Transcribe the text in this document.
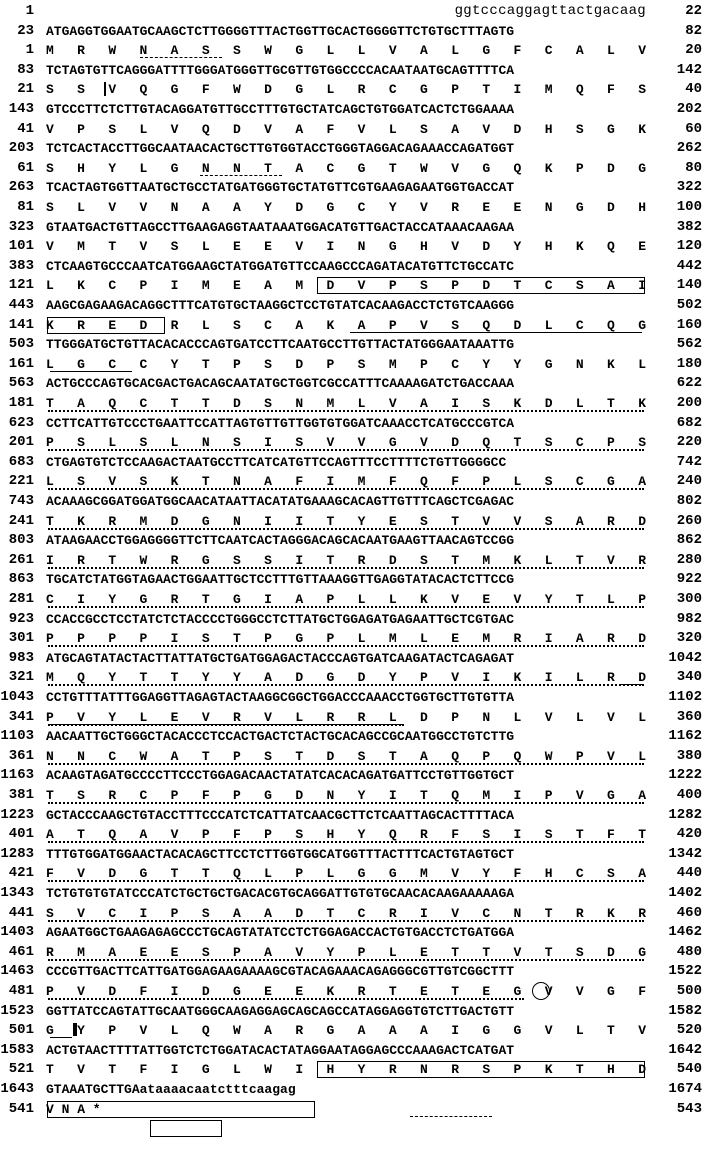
1	ggtcccaggagttactgacaag	22
23 ATGAGGTGGAATGCAAGCTCTTGGGGTTTACTGGTTGCACTGGGGTTCTGTGCTTTAGTG	82
1 M R W N A S S W G L L V A L G F C A L V	20
83 TCTAGTGTTCAGGGATTTTGGGATGGGTTGCGTTGTGGCCCCACAATAATGCAGTTTTCA	142
21 S S V Q G F W D G L R C G P T I M Q F S	40
143 GTCCCTTCTCTTGTACAGGATGTTGCCTTTGTGCTATCAGCTGTGGATCACTCTGGAAAA	202
41 V P S L V Q D V A F V L S A V D H S G K	60
203 TCTCACTACCTTGGCAATAACACTGCTTGTGGTACCTGGGTAGGACAGAAACCAGATGGT	262
61 S H Y L G N N T A C G T W V G Q K P D G	80
263 TCACTAGTGGTTAATGCTGCCTATGATGGGTGCTATGTTCGTGAAGAGAATGGTGACCAT	322
81 S L V V N A A Y D G C Y V R E E N G D H	100
323 GTAATGACTGTTAGCCTTGAAGAGGTAATAAATGGACATGTTGACTACCATAAACAAGAA	382
101 V M T V S L E E V I N G H V D Y H K Q E	120
383 CTCAAGTGCCCAATCATGGAAGCTATGGATGTTCCAAGCCCAGATACATGTTCTGCCATC	442
121 L K C P I M E A M D V P S P D T C S A I	140
443 AAGCGAGAAGACAGGCTTTCATGTGCTAAGGCTCCTGTATCACAAGACCTCTGTCAAGGG	502
141 K R E D R L S C A K A P V S Q D L C Q G	160
503 TTGGGATGCTGTTACACACCCAGTGATCCTTCAATGCCTTGTTACTATGGGAATAAATTG	562
161 L G C C Y T P S D P S M P C Y Y G N K L	180
563 ACTGCCCAGTGCACGACTGACAGCAATATGCTGGTCGCCATTTCAAAAGATCTGACCAAA	622
181 T A Q C T T D S N M L V A I S K D L T K	200
623 CCTTCATTGTCCCTGAATTCCATTAGTGTTGTTGGTGTGGATCAAACCTCATGCCCGTCA	682
201 P S L S L N S I S V V G V D Q T S C P S	220
683 CTGAGTGTCTCCAAGACTAATGCCTTCATCATGTTCCAGTTTCCTTTTCTGTTGGGGCC	742
221 L S V S K T N A F I M F Q F P L S C G A	240
743 ACAAAGCGGATGGATGGCAACATAATTACATATGAAAGCACAGTTGTTTCAGCTCGAGAC	802
241 T K R M D G N I I T Y E S T V V S A R D	260
803 ATAAGAACCTGGAGGGGTTCTTCAATCACTAGGGACAGCACAATGAAGTTAACAGTCCGG	862
261 I R T W R G S S I T R D S T M K L T V R	280
863 TGCATCTATGGTAGAACTGGAATTGCTCCTTTGTTAAAGGTTGAGGTATACACTCTTCCG	922
281 C I Y G R T G I A P L L K V E V Y T L P	300
923 CCACCGCCTCCTATCTCTACCCCTGGGCCTCTTATGCTGGAGATGAGAATTGCTCGTGAC	982
301 P P P P I S T P G P L M L E M R I A R D	320
983 ATGCAGTATACTACTTATTATGCTGATGGAGACTACCCAGTGATCAAGATACTCAGAGAT	1042
321 M Q Y T T Y Y A D G D Y P V I K I L R D	340
1043 CCTGTTTATTTGGAGGTTAGAGTACTAAGGCGGCTGGACCCAAACCTGGTGCTTGTGTTA	1102
341 P V Y L E V R V L R R L D P N L V L V L	360
1103 AACAATTGCTGGGCTACACCCTCCACTGACTCTACTGCACAGCCGCAATGGCCTGTCTTG	1162
361 N N C W A T P S T D S T A Q P Q W P V L	380
1163 ACAAGTAGATGCCCCTTCCCTGGAGACAACTATATCACACAGATGATTCCTGTTGGTGCT	1222
381 T S R C P F P G D N Y I T Q M I P V G A	400
1223 GCTACCCAAGCTGTACCTTTCCCATCTCATTATCAACGCTTCTCAATTAGCACTTTTACA	1282
401 A T Q A V P F P S H Y Q R F S I S T F T	420
1283 TTTGTGGATGGAACTACACAGCTTCCTCTTGGTGGCATGGTTTACTTTCACTGTAGTGCT	1342
421 F V D G T T Q L P L G G M V Y F H C S A	440
1343 TCTGTGTGTATCCCATCTGCTGCTGACACGTGCAGGATTGTGTGCAACACAAGAAAAAGA	1402
441 S V C I P S A A D T C R I V C N T R K R	460
1403 AGAATGGCTGAAGAGAGCCCTGCAGTATATCCTCTGGAGACCACTGTGACCTCTGATGGA	1462
461 R M A E E S P A V Y P L E T T V T S D G	480
1463 CCCGTTGACTTCATTGATGGAGAAGAAAAGCGTACAGAAACAGAGGGCGTTGTCGGCTTT	1522
481 P V D F I D G E E K R T E T E G V V G F	500
1523 GGTTATCCAGTATTGCAATGGGCAAGAGGAGCAGCAGCCATAGGAGGTGTCTTGACTGTT	1582
501 G Y P V L Q W A R G A A A I G G V L T V	520
1583 ACTGTAACTTTTATTGGTCTCTGGATACACTATAGGAATAGGAGCCCAAAGACTCATGAT	1642
521 T V T F I G L W I H Y R N R S P K T H D	540
1643 GTAAATGCTTGAataaaacaatctttcaagag	1674
541 V N A *	543
